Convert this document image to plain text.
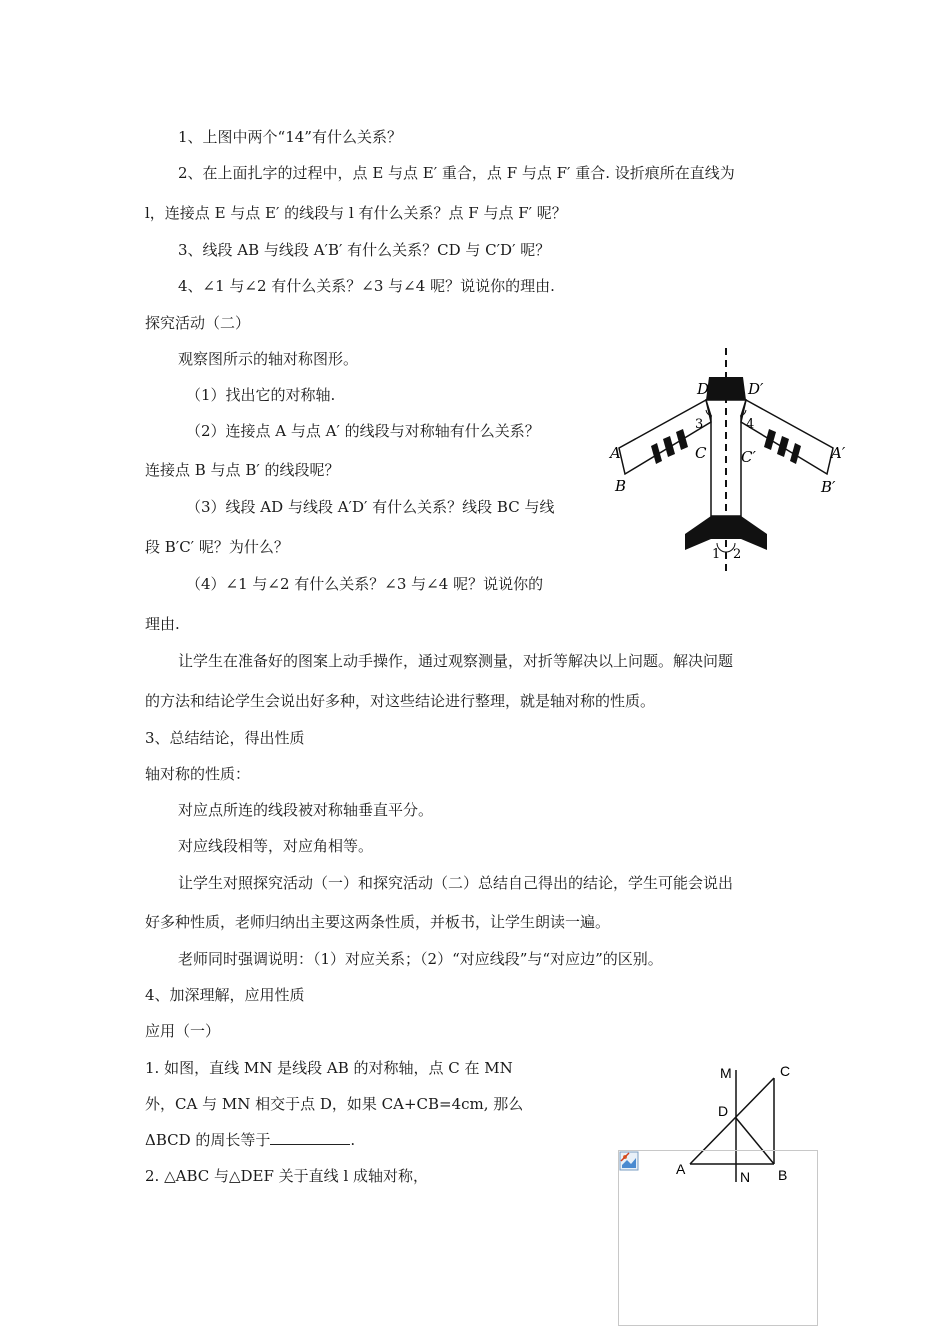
1、上图中两个“14”有什么关系？
2、在上面扎字的过程中，点 E 与点 E′ 重合，点 F 与点 F′ 重合. 设折痕所在直线为
l，连接点 E 与点 E′ 的线段与 l 有什么关系？点 F 与点 F′ 呢？
3、线段 AB 与线段 A′B′ 有什么关系？CD 与 C′D′ 呢？
4、∠1 与∠2 有什么关系？∠3 与∠4 呢？说说你的理由.
探究活动（二）
观察图所示的轴对称图形。
（1）找出它的对称轴.
（2）连接点 A 与点 A′ 的线段与对称轴有什么关系？
连接点 B 与点 B′ 的线段呢？
（3）线段 AD 与线段 A′D′ 有什么关系？线段 BC 与线
段 B′C′ 呢？为什么？
（4）∠1 与∠2 有什么关系？∠3 与∠4 呢？说说你的
理由.
D	D′
3	4
C C′
A	A′
B	B′
1 2
让学生在准备好的图案上动手操作，通过观察测量，对折等解决以上问题。解决问题
的方法和结论学生会说出好多种，对这些结论进行整理，就是轴对称的性质。
3、总结结论，得出性质
轴对称的性质：
对应点所连的线段被对称轴垂直平分。
对应线段相等，对应角相等。
让学生对照探究活动（一）和探究活动（二）总结自己得出的结论，学生可能会说出
好多种性质，老师归纳出主要这两条性质，并板书，让学生朗读一遍。
老师同时强调说明：（1）对应关系；（2）“对应线段”与“对应边”的区别。
4、加深理解，应用性质
应用（一）
1. 如图，直线 MN 是线段 AB 的对称轴，点 C 在 MN
外，CA 与 MN 相交于点 D，如果 CA+CB=4cm, 那么
ΔBCD 的周长等于	.
2. △ABC 与△DEF 关于直线 l 成轴对称，
M	C
D
A	N B
